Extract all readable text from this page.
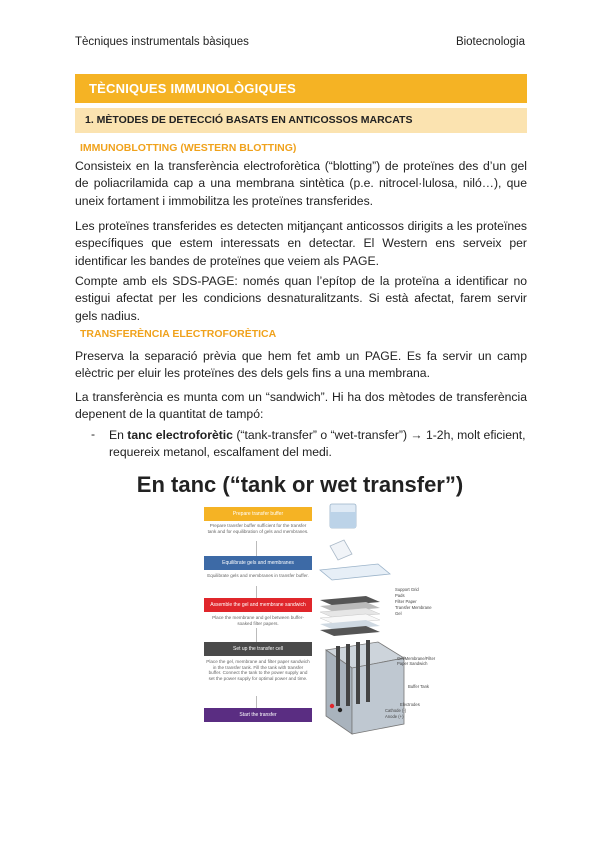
Tècniques instrumentals bàsiques	Biotecnologia
TÈCNIQUES IMMUNOLÒGIQUES
1. MÈTODES DE DETECCIÓ BASATS EN ANTICOSSOS MARCATS
IMMUNOBLOTTING (WESTERN BLOTTING)

Consisteix en la transferència electroforètica (“blotting”) de proteïnes des d’un gel de poliacrilamida cap a una membrana sintètica (p.e. nitrocel·lulosa, niló…), que uneix fortament i immobilitza les proteïnes transferides.

Les proteïnes transferides es detecten mitjançant anticossos dirigits a les proteïnes específiques que estem interessats en detectar. El Western ens serveix per identificar les bandes de proteïnes que veiem als PAGE.

Compte amb els SDS-PAGE: només quan l’epítop de la proteïna a identificar no estigui afectat per les condicions desnaturalitzants. Si està afectat, farem servir gels nadius.

TRANSFERÈNCIA ELECTROFORÈTICA

Preserva la separació prèvia que hem fet amb un PAGE. Es fa servir un camp elèctric per eluir les proteïnes des dels gels fins a una membrana.

La transferència es munta com un “sandwich”. Hi ha dos mètodes de transferència depenent de la quantitat de tampó:

- En tanc electroforètic (“tank-transfer” o “wet-transfer”) → 1-2h, molt eficient, requereix metanol, escalfament del medi.
En tanc (“tank or wet transfer”)
Prepare transfer buffer
Prepare transfer buffer sufficient for the transfer tank and for equilibration of gels and membranes.
Equilibrate gels and membranes
Equilibrate gels and membranes in transfer buffer.
Assemble the gel and membrane sandwich
Place the membrane and gel between buffer-soaked filter papers.
Set up the transfer cell
Place the gel, membrane and filter paper sandwich in the transfer tank. Fill the tank with transfer buffer. Connect the tank to the power supply and set the power supply for optimal power and time.
Start the transfer
Support Grid
Pads
Filter Paper
Transfer Membrane
Gel
Gel/Membrane/Filter Paper Sandwich
Buffer Tank
Electrodes
Cathode (-)
Anode (+)
